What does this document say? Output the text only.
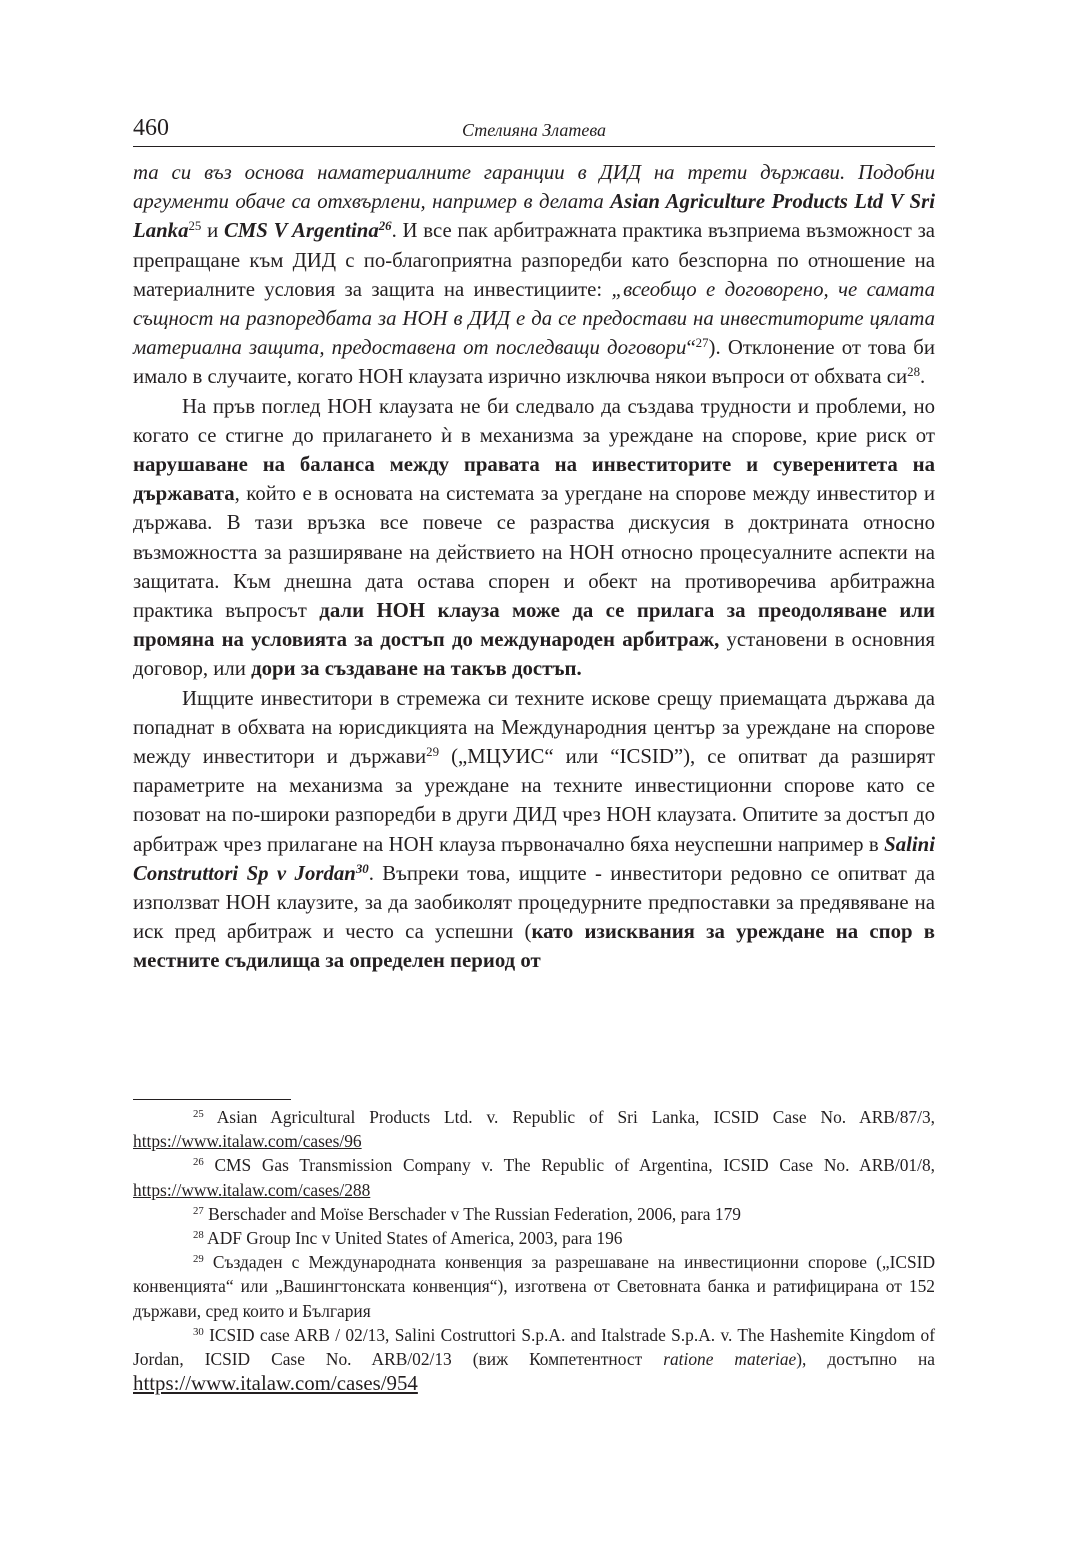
460	Стелияна Златева

та си въз основа наматериалните гаранции в ДИД на трети държави. Подобни аргументи обаче са отхвърлени, например в делата Asian Agriculture Products Ltd V Sri Lanka$^{25}$ и CMS V Argentina$^{26}$. И все пак арбитражната практика възприема възможност за препращане към ДИД с по-благоприятна разпоредби като безспорна по отношение на материалните условия за защита на инвестициите: „всеобщо е договорено, че самата същност на разпоредбата за НОН в ДИД е да се предостави на инвеститорите цялата материална защита, предоставена от последващи договори“$^{27}$). Отклонение от това би имало в случаите, когато НОН клаузата изрично изключва някои въпроси от обхвата $си^{28}$.

На пръв поглед НОН клаузата не би следвало да създава трудности и проблеми, но когато се стигне до прилагането ѝ в механизма за уреждане на спорове, крие риск от нарушаване на баланса между правата на инвеститорите и суверенитета на държавата, който е в основата на системата за урегдане на спорове между инвеститор и държава. В тази връзка все повече се разраства дискусия в доктрината относно възможността за разширяване на действието на НОН относно процесуалните аспекти на защитата. Към днешна дата остава спорен и обект на противоречива арбитражна практика въпросът дали НОН клауза може да се прилага за преодоляване или промяна на условията за достъп до международен арбитраж, установени в основния договор, или дори за създаване на такъв достъп.

Ищците инвеститори в стремежа си техните искове срещу приемащата държава да попаднат в обхвата на юрисдикцията на Международния център за уреждане на спорове между инвеститори и държави$^{29}$ („МЦУИС“ или “ICSID”), се опитват да разширят параметрите на механизма за уреждане на техните инвестиционни спорове като се позоват на по-широки разпоредби в други ДИД чрез НОН клаузата. Опитите за достъп до арбитраж чрез прилагане на НОН клауза първоначално бяха неуспешни например в Salini Construttori Sp v Jordan$^{30}$. Въпреки това, ищците - инвеститори редовно се опитват да използват НОН клаузите, за да заобиколят процедурните предпоставки за предявяване на иск пред арбитраж и често са успешни (като изисквания за уреждане на спор в местните съдилища за определен период от

$^{25}$ Asian Agricultural Products Ltd. v. Republic of Sri Lanka, ICSID Case No. ARB/87/3, https://www.italaw.com/cases/96

$^{26}$ CMS Gas Transmission Company v. The Republic of Argentina, ICSID Case No. ARB/01/8, https://www.italaw.com/cases/288

$^{27}$ Berschader and Moïse Berschader v The Russian Federation, 2006, para 179

$^{28}$ ADF Group Inc v United States of America, 2003, para 196

$^{29}$ Създаден с Международната конвенция за разрешаване на инвестиционни спорове („ICSID конвенцията“ или „Вашингтонската конвенция“), изготвена от Световната банка и ратифицирана от 152 държави, сред които и България

$^{30}$ ICSID case ARB / 02/13, Salini Costruttori S.p.A. and Italstrade S.p.A. v. The Hashemite Kingdom of Jordan, ICSID Case No. ARB/02/13 (виж Компетентност ratione materiae), достъпно на https://www.italaw.com/cases/954
